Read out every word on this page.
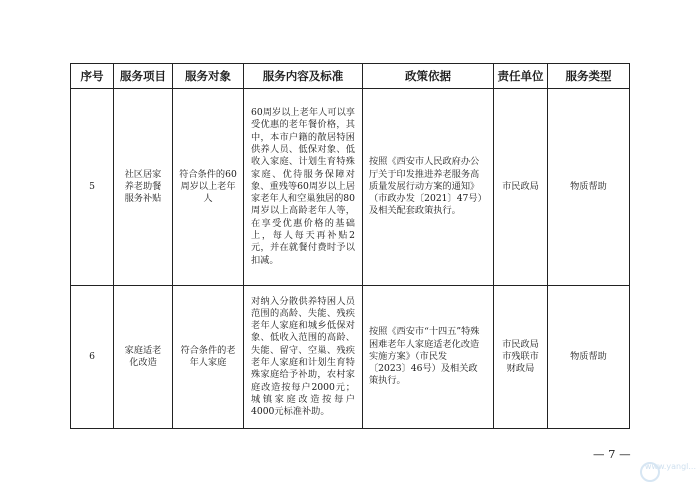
序号	服务项目	服务对象	服务内容及标准	政策依据	责任单位	服务类型
5	社区居家养老助餐服务补贴	符合条件的60周岁以上老年人	60周岁以上老年人可以享受优惠的老年餐价格，其中，本市户籍的散居特困供养人员、低保对象、低收入家庭、计划生育特殊家庭、优待服务保障对象、重残等60周岁以上居家老年人和空巢独居的80周岁以上高龄老年人等，在享受优惠价格的基础上，每人每天再补贴2元，并在就餐付费时予以扣减。	按照《西安市人民政府办公厅关于印发推进养老服务高质量发展行动方案的通知》（市政办发〔2021〕47号）及相关配套政策执行。	市民政局	物质帮助

6	家庭适老化改造	符合条件的老年人家庭	对纳入分散供养特困人员范围的高龄、失能、残疾老年人家庭和城乡低保对象、低收入范围的高龄、失能、留守、空巢、残疾老年人家庭和计划生育特殊家庭给予补助，农村家庭改造按每户2000元；城镇家庭改造按每户4000元标准补助。	按照《西安市“十四五”特殊困难老年人家庭适老化改造实施方案》（市民发〔2023〕46号）及相关政策执行。	市民政局市残联市财政局	物质帮助
— 7 —
www.yangl...
